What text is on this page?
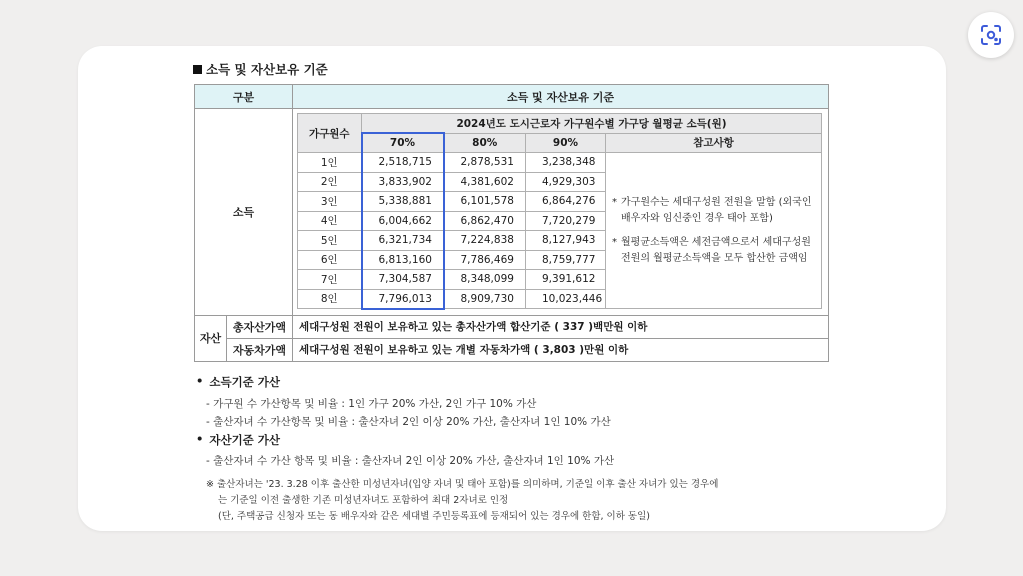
소득 및 자산보유 기준
구분	소득 및 자산보유 기준
소득	
가구원수	2024년도 도시근로자 가구원수별 가구당 월평균 소득(원)
70%	80%	90%	참고사항
1인	2,518,715	2,878,531	3,238,348	
* 가구원수는 세대구성원 전원을 말함 (외국인 배우자와 임신중인 경우 태아 포함)
* 월평균소득액은 세전금액으로서 세대구성원 전원의 월평균소득액을 모두 합산한 금액임

2인	3,833,902	4,381,602	4,929,303
3인	5,338,881	6,101,578	6,864,276
4인	6,004,662	6,862,470	7,720,279
5인	6,321,734	7,224,838	8,127,943
6인	6,813,160	7,786,469	8,759,777
7인	7,304,587	8,348,099	9,391,612
8인	7,796,013	8,909,730	10,023,446

자산	총자산가액	세대구성원 전원이 보유하고 있는 총자산가액 합산기준 ( 337 )백만원 이하
자동차가액	세대구성원 전원이 보유하고 있는 개별 자동차가액 ( 3,803 )만원 이하
• 소득기준 가산
- 가구원 수 가산항목 및 비율 : 1인 가구 20% 가산, 2인 가구 10% 가산
- 출산자녀 수 가산항목 및 비율 : 출산자녀 2인 이상 20% 가산, 출산자녀 1인 10% 가산
• 자산기준 가산
- 출산자녀 수 가산 항목 및 비율 : 출산자녀 2인 이상 20% 가산, 출산자녀 1인 10% 가산
※ 출산자녀는 '23. 3.28 이후 출산한 미성년자녀(입양 자녀 및 태아 포함)를 의미하며, 기준일 이후 출산 자녀가 있는 경우에
는 기준일 이전 출생한 기존 미성년자녀도 포함하여 최대 2자녀로 인정
(단, 주택공급 신청자 또는 동 배우자와 같은 세대별 주민등록표에 등재되어 있는 경우에 한함, 이하 동일)
